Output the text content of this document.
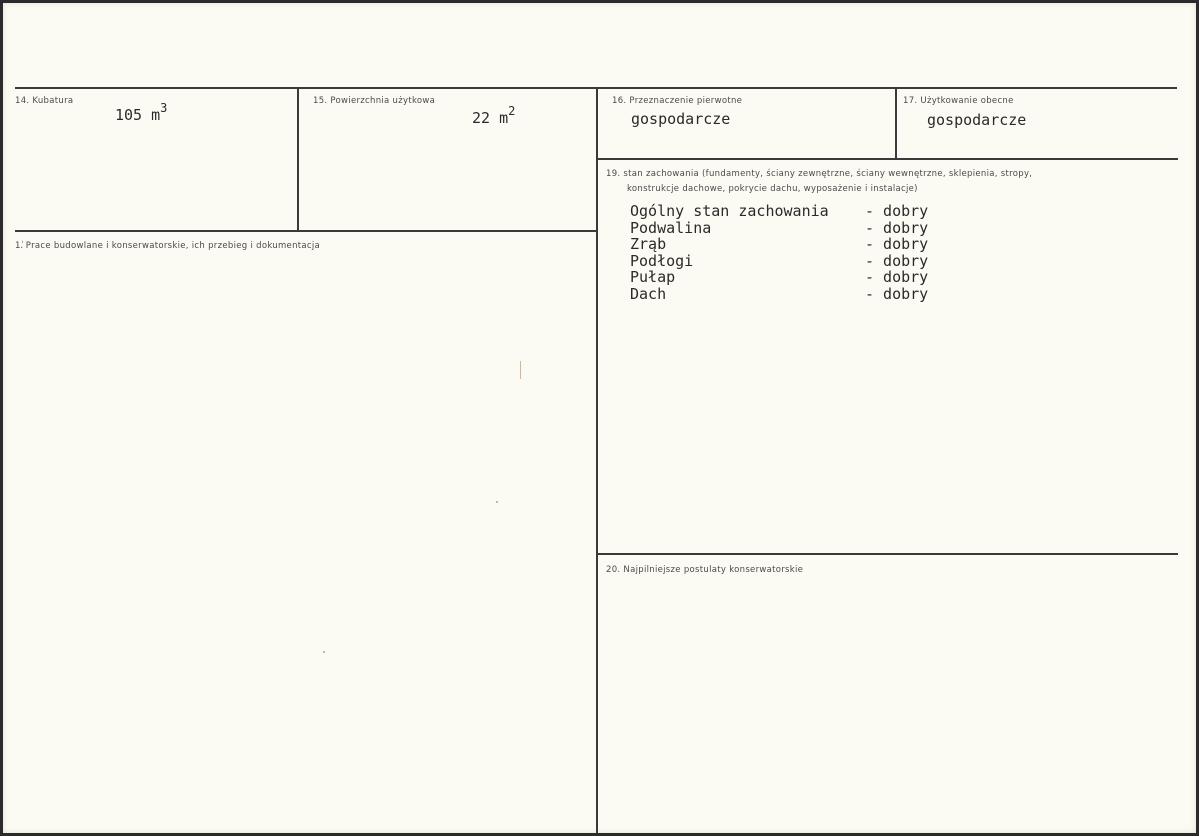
14. Kubatura
105 $m^3$	15. Powierzchnia użytkowa
22 $m^2$
16. Przeznaczenie pierwotne
gospodarcze
17. Użytkowanie obecne
gospodarcze
1ٰ. Prace budowlane i konserwatorskie, ich przebieg i dokumentacja
19. stan zachowania (fundamenty, ściany zewnętrzne, ściany wewnętrzne, sklepienia, stropy,
konstrukcje dachowe, pokrycie dachu, wyposażenie i instalacje)
Ogólny stan zachowania	- dobry
Podwalina	- dobry
Zrąb	- dobry
Podłogi	- dobry
Pułap	- dobry
Dach	- dobry
20. Najpilniejsze postulaty konserwatorskie
